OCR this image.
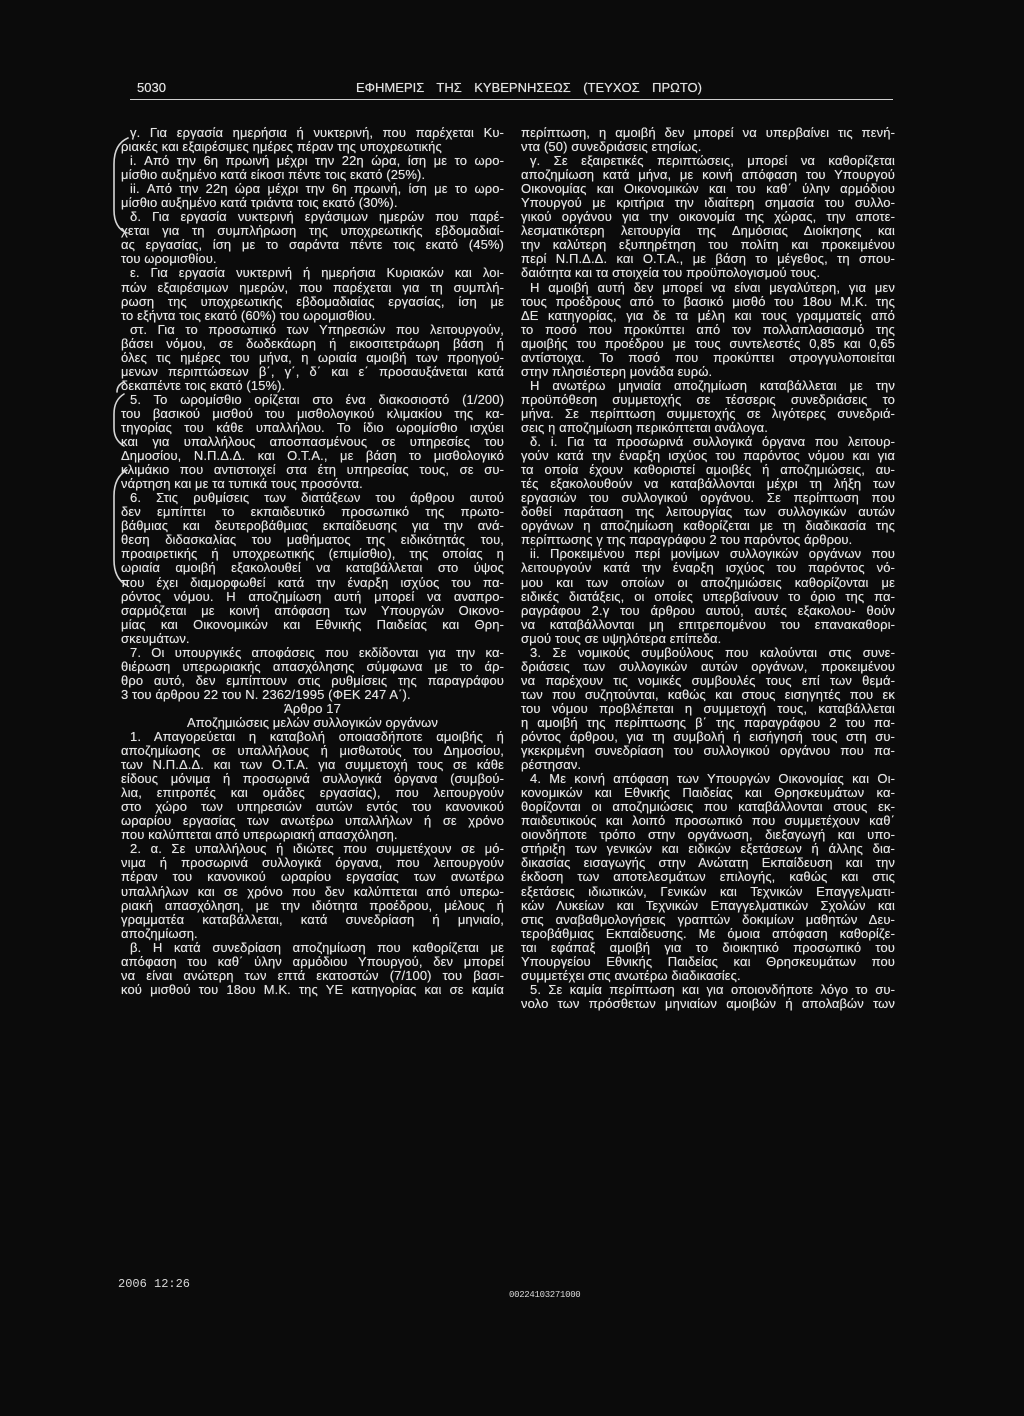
5030	ΕΦΗΜΕΡΙΣ ΤΗΣ ΚΥΒΕΡΝΗΣΕΩΣ (ΤΕΥΧΟΣ ΠΡΩΤΟ)
γ. Για εργασία ημερήσια ή νυκτερινή, που παρέχεται Κυ-
ριακές και εξαιρέσιμες ημέρες πέραν της υποχρεωτικής
i. Από την 6η πρωινή μέχρι την 22η ώρα, ίση με το ωρο-
μίσθιο αυξημένο κατά είκοσι πέντε τοις εκατό (25%).
ii. Από την 22η ώρα μέχρι την 6η πρωινή, ίση με το ωρο-
μίσθιο αυξημένο κατά τριάντα τοις εκατό (30%).
δ. Για εργασία νυκτερινή εργάσιμων ημερών που παρέ-
χεται για τη συμπλήρωση της υποχρεωτικής εβδομαδιαί-
ας εργασίας, ίση με το σαράντα πέντε τοις εκατό (45%)
του ωρομισθίου.
ε. Για εργασία νυκτερινή ή ημερήσια Κυριακών και λοι-
πών εξαιρέσιμων ημερών, που παρέχεται για τη συμπλή-
ρωση της υποχρεωτικής εβδομαδιαίας εργασίας, ίση με
το εξήντα τοις εκατό (60%) του ωρομισθίου.
στ. Για το προσωπικό των Υπηρεσιών που λειτουργούν,
βάσει νόμου, σε δωδεκάωρη ή εικοσιτετράωρη βάση ή
όλες τις ημέρες του μήνα, η ωριαία αμοιβή των προηγού-
μενων περιπτώσεων β΄, γ΄, δ΄ και ε΄ προσαυξάνεται κατά
δεκαπέντε τοις εκατό (15%).
5. Το ωρομίσθιο ορίζεται στο ένα διακοσιοστό (1/200)
του βασικού μισθού του μισθολογικού κλιμακίου της κα-
τηγορίας του κάθε υπαλλήλου. Το ίδιο ωρομίσθιο ισχύει
και για υπαλλήλους αποσπασμένους σε υπηρεσίες του
Δημοσίου, Ν.Π.Δ.Δ. και Ο.Τ.Α., με βάση το μισθολογικό
κλιμάκιο που αντιστοιχεί στα έτη υπηρεσίας τους, σε συ-
νάρτηση και με τα τυπικά τους προσόντα.
6. Στις ρυθμίσεις των διατάξεων του άρθρου αυτού
δεν εμπίπτει το εκπαιδευτικό προσωπικό της πρωτο-
βάθμιας και δευτεροβάθμιας εκπαίδευσης για την ανά-
θεση διδασκαλίας του μαθήματος της ειδικότητάς του,
προαιρετικής ή υποχρεωτικής (επιμίσθιο), της οποίας η
ωριαία αμοιβή εξακολουθεί να καταβάλλεται στο ύψος
που έχει διαμορφωθεί κατά την έναρξη ισχύος του πα-
ρόντος νόμου. Η αποζημίωση αυτή μπορεί να αναπρο-
σαρμόζεται με κοινή απόφαση των Υπουργών Οικονο-
μίας και Οικονομικών και Εθνικής Παιδείας και Θρη-
σκευμάτων.
7. Οι υπουργικές αποφάσεις που εκδίδονται για την κα-
θιέρωση υπερωριακής απασχόλησης σύμφωνα με το άρ-
θρο αυτό, δεν εμπίπτουν στις ρυθμίσεις της παραγράφου
3 του άρθρου 22 του Ν. 2362/1995 (ΦΕΚ 247 Α΄).
Άρθρο 17
Αποζημιώσεις μελών συλλογικών οργάνων
1. Απαγορεύεται η καταβολή οποιασδήποτε αμοιβής ή
αποζημίωσης σε υπαλλήλους ή μισθωτούς του Δημοσίου,
των Ν.Π.Δ.Δ. και των Ο.Τ.Α. για συμμετοχή τους σε κάθε
είδους μόνιμα ή προσωρινά συλλογικά όργανα (συμβού-
λια, επιτροπές και ομάδες εργασίας), που λειτουργούν
στο χώρο των υπηρεσιών αυτών εντός του κανονικού
ωραρίου εργασίας των ανωτέρω υπαλλήλων ή σε χρόνο
που καλύπτεται από υπερωριακή απασχόληση.
2. α. Σε υπαλλήλους ή ιδιώτες που συμμετέχουν σε μό-
νιμα ή προσωρινά συλλογικά όργανα, που λειτουργούν
πέραν του κανονικού ωραρίου εργασίας των ανωτέρω
υπαλλήλων και σε χρόνο που δεν καλύπτεται από υπερω-
ριακή απασχόληση, με την ιδιότητα προέδρου, μέλους ή
γραμματέα καταβάλλεται, κατά συνεδρίαση ή μηνιαίο,
αποζημίωση.
β. Η κατά συνεδρίαση αποζημίωση που καθορίζεται με
απόφαση του καθ΄ ύλην αρμόδιου Υπουργού, δεν μπορεί
να είναι ανώτερη των επτά εκατοστών (7/100) του βασι-
κού μισθού του 18ου Μ.Κ. της ΥΕ κατηγορίας και σε καμία
περίπτωση, η αμοιβή δεν μπορεί να υπερβαίνει τις πενή-
ντα (50) συνεδριάσεις ετησίως.
γ. Σε εξαιρετικές περιπτώσεις, μπορεί να καθορίζεται
αποζημίωση κατά μήνα, με κοινή απόφαση του Υπουργού
Οικονομίας και Οικονομικών και του καθ΄ ύλην αρμόδιου
Υπουργού με κριτήρια την ιδιαίτερη σημασία του συλλο-
γικού οργάνου για την οικονομία της χώρας, την αποτε-
λεσματικότερη λειτουργία της Δημόσιας Διοίκησης και
την καλύτερη εξυπηρέτηση του πολίτη και προκειμένου
περί Ν.Π.Δ.Δ. και Ο.Τ.Α., με βάση το μέγεθος, τη σπου-
δαιότητα και τα στοιχεία του προϋπολογισμού τους.
Η αμοιβή αυτή δεν μπορεί να είναι μεγαλύτερη, για μεν
τους προέδρους από το βασικό μισθό του 18ου Μ.Κ. της
ΔΕ κατηγορίας, για δε τα μέλη και τους γραμματείς από
το ποσό που προκύπτει από τον πολλαπλασιασμό της
αμοιβής του προέδρου με τους συντελεστές 0,85 και 0,65
αντίστοιχα. Το ποσό που προκύπτει στρογγυλοποιείται
στην πλησιέστερη μονάδα ευρώ.
Η ανωτέρω μηνιαία αποζημίωση καταβάλλεται με την
προϋπόθεση συμμετοχής σε τέσσερις συνεδριάσεις το
μήνα. Σε περίπτωση συμμετοχής σε λιγότερες συνεδριά-
σεις η αποζημίωση περικόπτεται ανάλογα.
δ. i. Για τα προσωρινά συλλογικά όργανα που λειτουρ-
γούν κατά την έναρξη ισχύος του παρόντος νόμου και για
τα οποία έχουν καθοριστεί αμοιβές ή αποζημιώσεις, αυ-
τές εξακολουθούν να καταβάλλονται μέχρι τη λήξη των
εργασιών του συλλογικού οργάνου. Σε περίπτωση που
δοθεί παράταση της λειτουργίας των συλλογικών αυτών
οργάνων η αποζημίωση καθορίζεται με τη διαδικασία της
περίπτωσης γ της παραγράφου 2 του παρόντος άρθρου.
ii. Προκειμένου περί μονίμων συλλογικών οργάνων που
λειτουργούν κατά την έναρξη ισχύος του παρόντος νό-
μου και των οποίων οι αποζημιώσεις καθορίζονται με
ειδικές διατάξεις, οι οποίες υπερβαίνουν το όριο της πα-
ραγράφου 2.γ του άρθρου αυτού, αυτές εξακολου- θούν
να καταβάλλονται μη επιτρεπομένου του επανακαθορι-
σμού τους σε υψηλότερα επίπεδα.
3. Σε νομικούς συμβούλους που καλούνται στις συνε-
δριάσεις των συλλογικών αυτών οργάνων, προκειμένου
να παρέχουν τις νομικές συμβουλές τους επί των θεμά-
των που συζητούνται, καθώς και στους εισηγητές που εκ
του νόμου προβλέπεται η συμμετοχή τους, καταβάλλεται
η αμοιβή της περίπτωσης β΄ της παραγράφου 2 του πα-
ρόντος άρθρου, για τη συμβολή ή εισήγησή τους στη συ-
γκεκριμένη συνεδρίαση του συλλογικού οργάνου που πα-
ρέστησαν.
4. Με κοινή απόφαση των Υπουργών Οικονομίας και Οι-
κονομικών και Εθνικής Παιδείας και Θρησκευμάτων κα-
θορίζονται οι αποζημιώσεις που καταβάλλονται στους εκ-
παιδευτικούς και λοιπό προσωπικό που συμμετέχουν καθ΄
οιονδήποτε τρόπο στην οργάνωση, διεξαγωγή και υπο-
στήριξη των γενικών και ειδικών εξετάσεων ή άλλης δια-
δικασίας εισαγωγής στην Ανώτατη Εκπαίδευση και την
έκδοση των αποτελεσμάτων επιλογής, καθώς και στις
εξετάσεις ιδιωτικών, Γενικών και Τεχνικών Επαγγελματι-
κών Λυκείων και Τεχνικών Επαγγελματικών Σχολών και
στις αναβαθμολογήσεις γραπτών δοκιμίων μαθητών Δευ-
τεροβάθμιας Εκπαίδευσης. Με όμοια απόφαση καθορίζε-
ται εφάπαξ αμοιβή για το διοικητικό προσωπικό του
Υπουργείου Εθνικής Παιδείας και Θρησκευμάτων που
συμμετέχει στις ανωτέρω διαδικασίες.
5. Σε καμία περίπτωση και για οποιονδήποτε λόγο το συ-
νολο των πρόσθετων μηνιαίων αμοιβών ή απολαβών των
2006 12:26
00224103271000
